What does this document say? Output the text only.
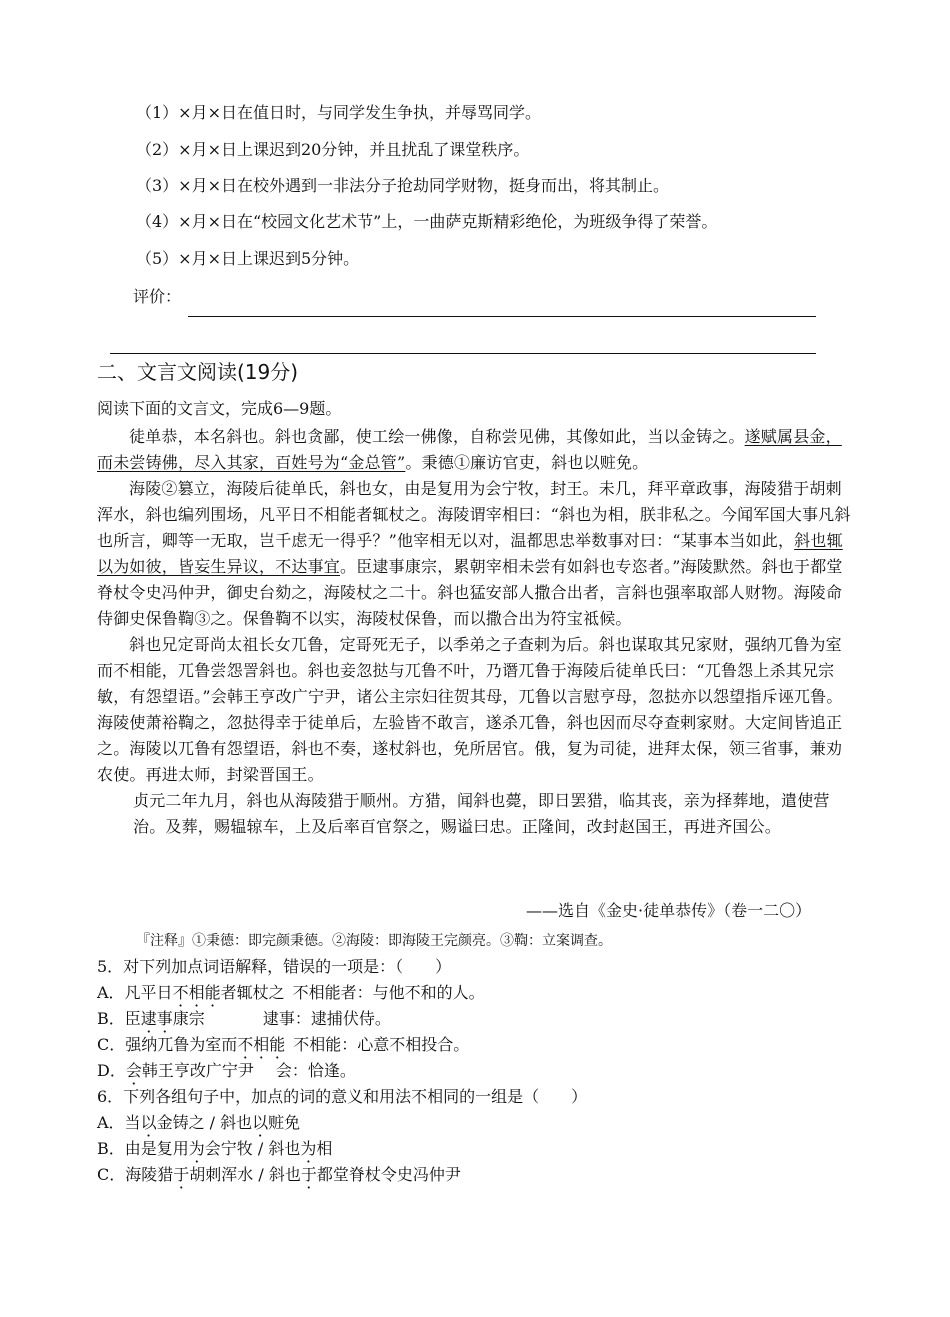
（1）×月×日在值日时，与同学发生争执，并辱骂同学。
（2）×月×日上课迟到20分钟，并且扰乱了课堂秩序。
（3）×月×日在校外遇到一非法分子抢劫同学财物，挺身而出，将其制止。
（4）×月×日在“校园文化艺术节”上，一曲萨克斯精彩绝伦，为班级争得了荣誉。
（5）×月×日上课迟到5分钟。
评价：
二、文言文阅读(19分)
阅读下面的文言文，完成6—9题。

徒单恭，本名斜也。斜也贪鄙，使工绘一佛像，自称尝见佛，其像如此，当以金铸之。遂赋属县金，而未尝铸佛，尽入其家，百姓号为“金总管”。秉德①廉访官吏，斜也以赃免。

海陵②篡立，海陵后徒单氏，斜也女，由是复用为会宁牧，封王。未几，拜平章政事，海陵猎于胡刺浑水，斜也编列围场，凡平日不相能者辄杖之。海陵谓宰相曰：“斜也为相，朕非私之。今闻军国大事凡斜也所言，卿等一无取，岂千虑无一得乎？”他宰相无以对，温都思忠举数事对曰：“某事本当如此，斜也辄以为如彼，皆妄生异议，不达事宜。臣逮事康宗，累朝宰相未尝有如斜也专恣者。”海陵默然。斜也于都堂脊杖令史冯仲尹，御史台劾之，海陵杖之二十。斜也猛安部人撒合出者，言斜也强率取部人财物。海陵命侍御史保鲁鞫③之。保鲁鞫不以实，海陵杖保鲁，而以撒合出为符宝祗候。

斜也兄定哥尚太祖长女兀鲁，定哥死无子，以季弟之子查剌为后。斜也谋取其兄家财，强纳兀鲁为室而不相能，兀鲁尝怨詈斜也。斜也妾忽挞与兀鲁不叶，乃谮兀鲁于海陵后徒单氏曰：“兀鲁怨上杀其兄宗敏，有怨望语。”会韩王亨改广宁尹，诸公主宗妇往贺其母，兀鲁以言慰亨母，忽挞亦以怨望指斥诬兀鲁。海陵使萧裕鞫之，忽挞得幸于徒单后，左验皆不敢言，遂杀兀鲁，斜也因而尽夺查剌家财。大定间皆追正之。海陵以兀鲁有怨望语，斜也不奏，遂杖斜也，免所居官。俄，复为司徒，进拜太保，领三省事，兼劝农使。再进太师，封梁晋国王。

贞元二年九月，斜也从海陵猎于顺州。方猎，闻斜也薨，即日罢猎，临其丧，亲为择葬地，遣使营治。及葬，赐辒辌车，上及后率百官祭之，赐谥曰忠。正隆间，改封赵国王，再进齐国公。

——选自《金史·徒单恭传》（卷一二〇）
『注释』①秉德：即完颜秉德。②海陵：即海陵王完颜亮。③鞫：立案调查。
5．对下列加点词语解释，错误的一项是：（　　）
A．凡平日不相能者辄杖之 不相能者：与他不和的人。
B．臣逮事康宗	逮事：逮捕伏侍。
C．强纳兀鲁为室而不相能 不相能：心意不相投合。
D．会韩王亨改广宁尹 会：恰逢。
6．下列各组句子中，加点的词的意义和用法不相同的一组是（　　）
A．当以金铸之 / 斜也以赃免
B．由是复用为会宁牧 / 斜也为相
C．海陵猎于胡刺浑水 / 斜也于都堂脊杖令史冯仲尹
